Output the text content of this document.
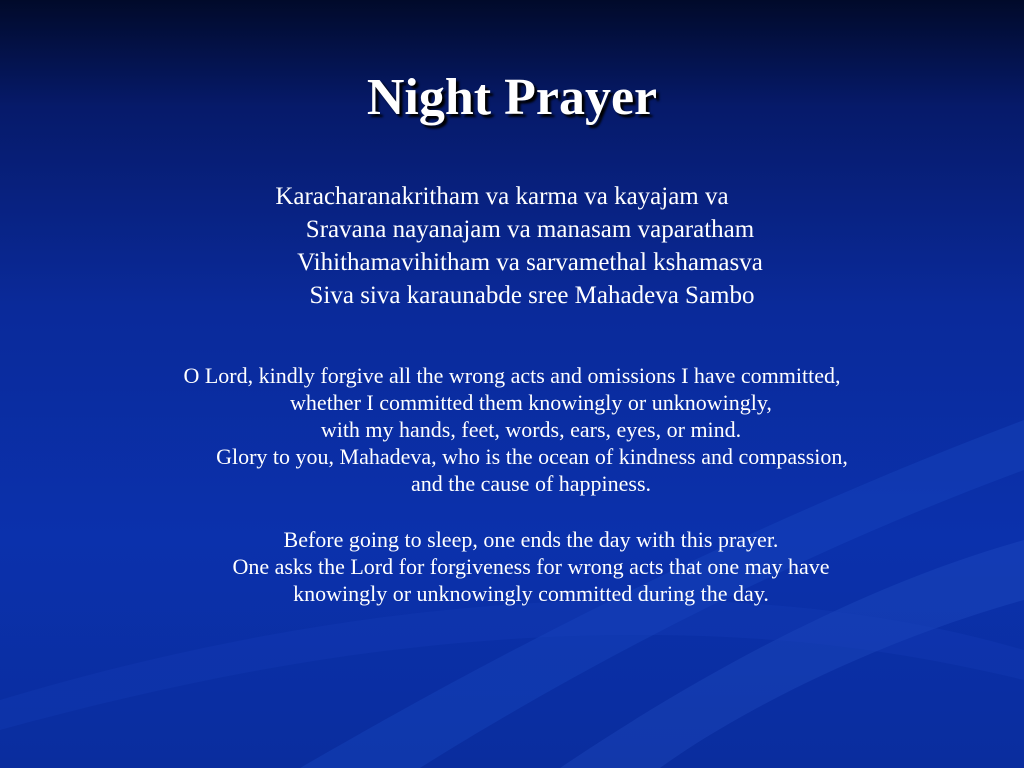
Night Prayer
Karacharanakritham va karma va kayajam va
Sravana nayanajam va manasam vaparatham
Vihithamavihitham va sarvamethal kshamasva
Siva siva karaunabde sree Mahadeva Sambo
O Lord, kindly forgive all the wrong acts and omissions I have committed,
whether I committed them knowingly or unknowingly,
with my hands, feet, words, ears, eyes, or mind.
Glory to you, Mahadeva, who is the ocean of kindness and compassion,
and the cause of happiness.
Before going to sleep, one ends the day with this prayer.
One asks the Lord for forgiveness for wrong acts that one may have
knowingly or unknowingly committed during the day.
